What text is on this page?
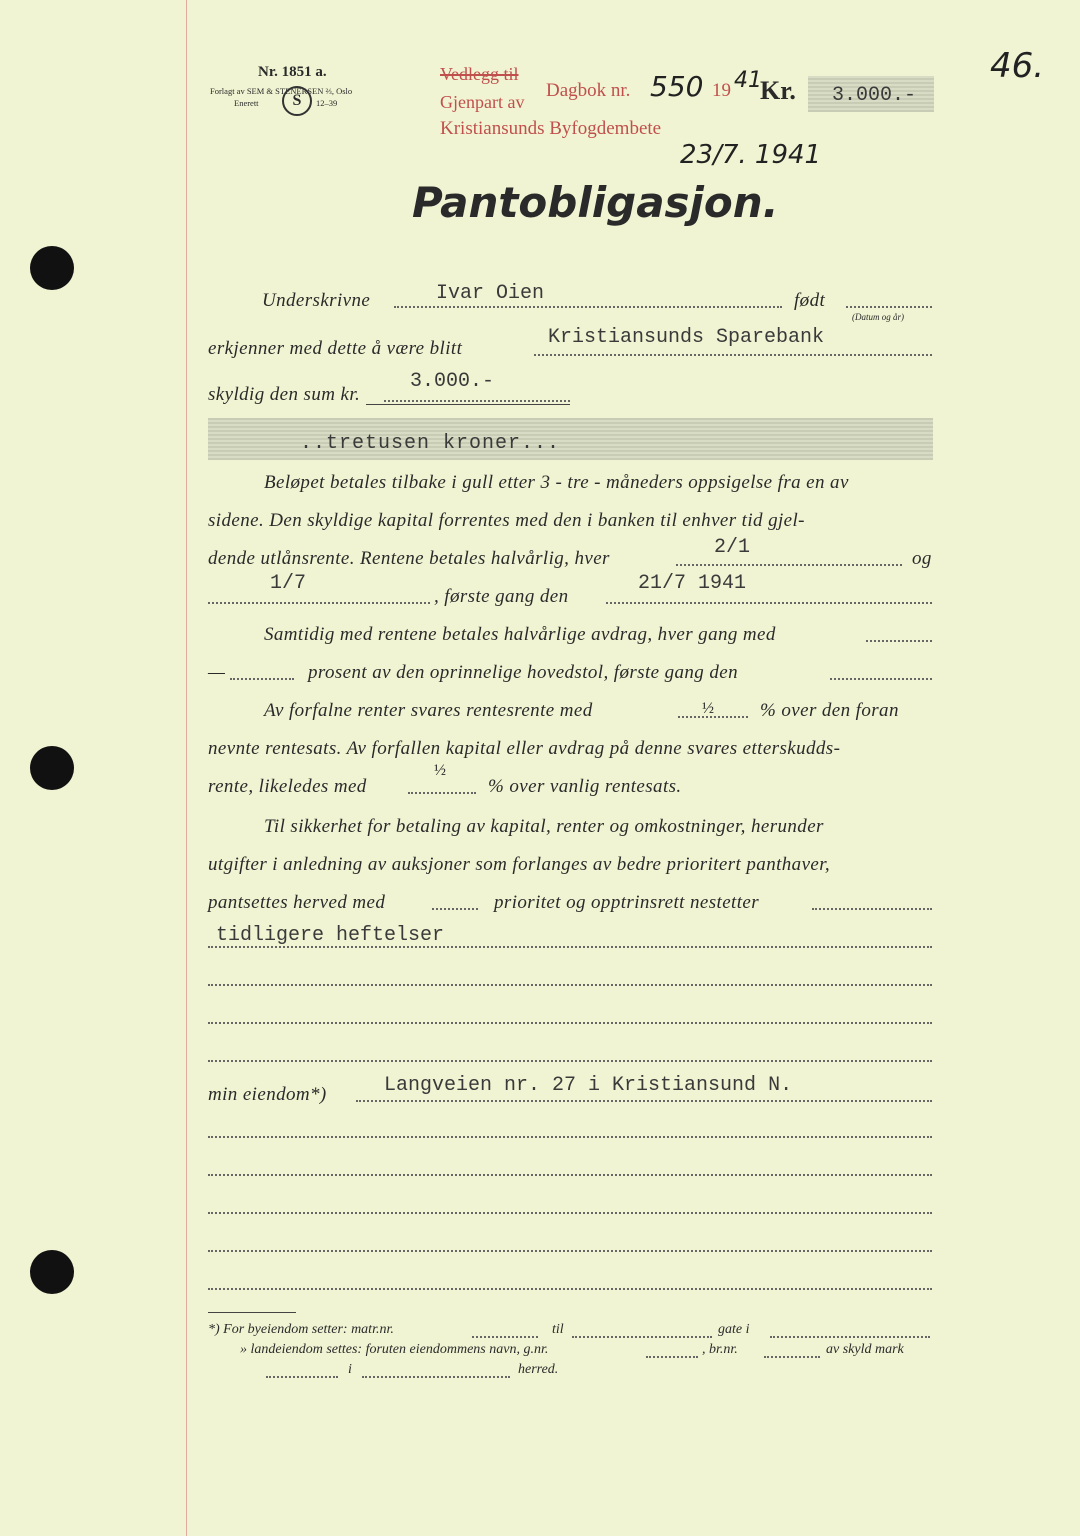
Nr. 1851 a.
Forlagt av SEM & STENERSEN ⅔, Oslo
Enerett	S	12–39
Vedlegg til
Gjenpart av
Kristiansunds Byfogdembete
Dagbok nr. 550 19 41
Kr. 3.000.-
46.
23/7. 1941
Pantobligasjon.
Underskrivne	Ivar Oien	født
(Datum og år)
erkjenner med dette å være blitt	Kristiansunds Sparebank
skyldig den sum kr.
3.000.-
..tretusen kroner...
Beløpet betales tilbake i gull etter 3 - tre - måneders oppsigelse fra en av
sidene. Den skyldige kapital forrentes med den i banken til enhver tid gjel-
dende utlånsrente. Rentene betales halvårlig, hver	2/1	og
1/7
, første gang den
21/7 1941
Samtidig med rentene betales halvårlige avdrag, hver gang med
—	prosent av den oprinnelige hovedstol, første gang den
Av forfalne renter svares rentesrente med	½ % over den foran
nevnte rentesats. Av forfallen kapital eller avdrag på denne svares etterskudds-
rente, likeledes med
½
% over vanlig rentesats.
Til sikkerhet for betaling av kapital, renter og omkostninger, herunder
utgifter i anledning av auksjoner som forlanges av bedre prioritert panthaver,
pantsettes herved med	prioritet og opptrinsrett nestetter
tidligere heftelser
min eiendom*)	Langveien nr. 27 i Kristiansund N.
*) For byeiendom setter: matr.nr.	til	gate i
» landeiendom settes: foruten eiendommens navn, g.nr.	, br.nr.	av skyld mark
i	herred.
